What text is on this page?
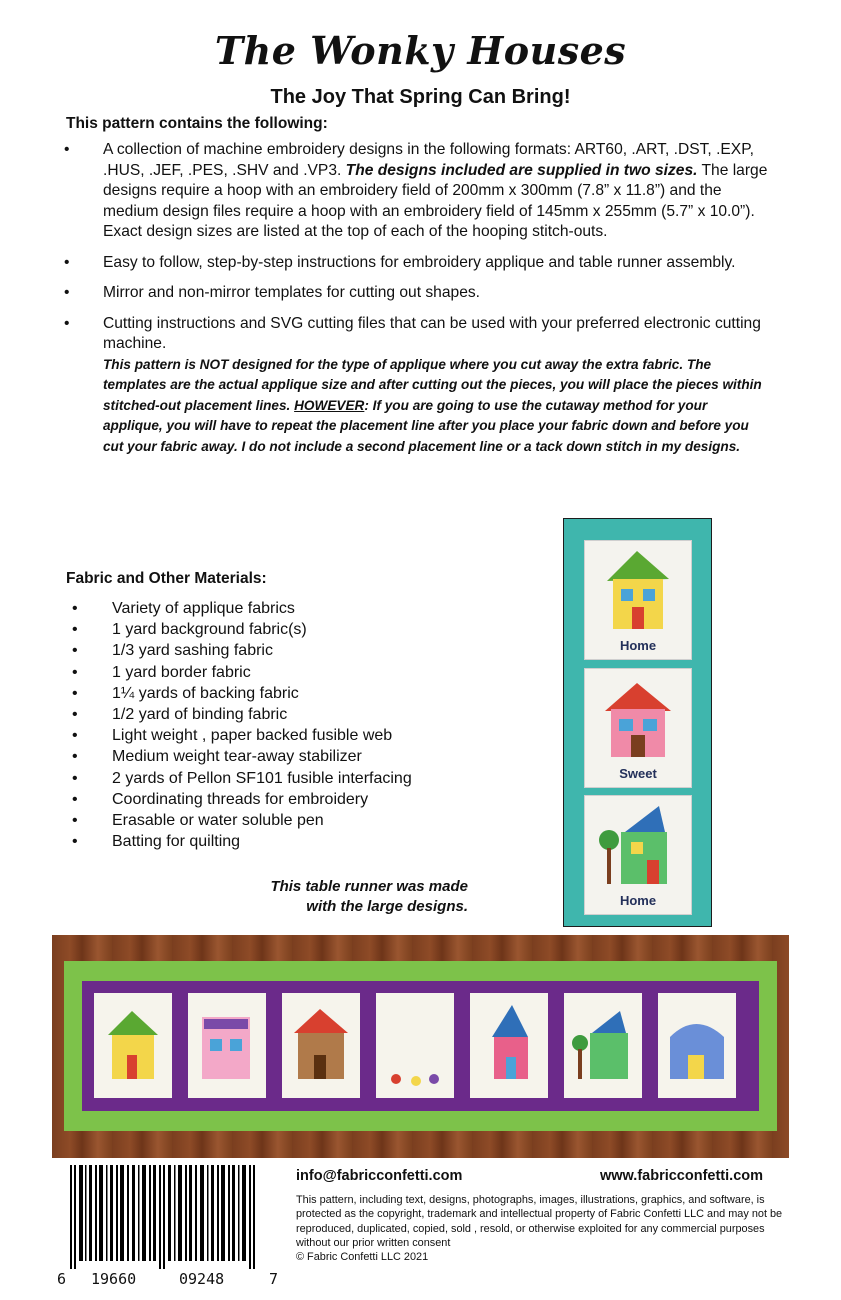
The Wonky Houses
The Joy That Spring Can Bring!
This pattern contains the following:
• A collection of machine embroidery designs in the following formats: ART60, .ART, .DST, .EXP, .HUS, .JEF, .PES, .SHV and .VP3. The designs included are supplied in two sizes. The large designs require a hoop with an embroidery field of 200mm x 300mm (7.8” x 11.8”) and the medium design files require a hoop with an embroidery field of 145mm x 255mm (5.7” x 10.0”). Exact design sizes are listed at the top of each of the hooping stitch-outs.
• Easy to follow, step-by-step instructions for embroidery applique and table runner assembly.
• Mirror and non-mirror templates for cutting out shapes.
• Cutting instructions and SVG cutting files that can be used with your preferred electronic cutting machine.
This pattern is NOT designed for the type of applique where you cut away the extra fabric. The templates are the actual applique size and after cutting out the pieces, you will place the pieces within stitched-out placement lines. HOWEVER: If you are going to use the cutaway method for your applique, you will have to repeat the placement line after you place your fabric down and before you cut your fabric away. I do not include a second placement line or a tack down stitch in my designs.
Fabric and Other Materials:
• Variety of applique fabrics
• 1 yard background fabric(s)
• 1/3 yard sashing fabric
• 1 yard border fabric
• 1¼ yards of backing fabric
• 1/2 yard of binding fabric
• Light weight , paper backed fusible web
• Medium weight tear-away stabilizer
• 2 yards of Pellon SF101 fusible interfacing
• Coordinating threads for embroidery
• Erasable or water soluble pen
• Batting for quilting
This table runner was made
with the large designs.
Home
Sweet
Home
6 19660	09248	7
info@fabricconfetti.com	www.fabricconfetti.com
This pattern, including text, designs, photographs, images, illustrations, graphics, and software, is protected as the copyright, trademark and intellectual property of Fabric Confetti LLC and may not be reproduced, duplicated, copied, sold , resold, or otherwise exploited for any commercial purposes without our prior written consent
© Fabric Confetti LLC 2021
